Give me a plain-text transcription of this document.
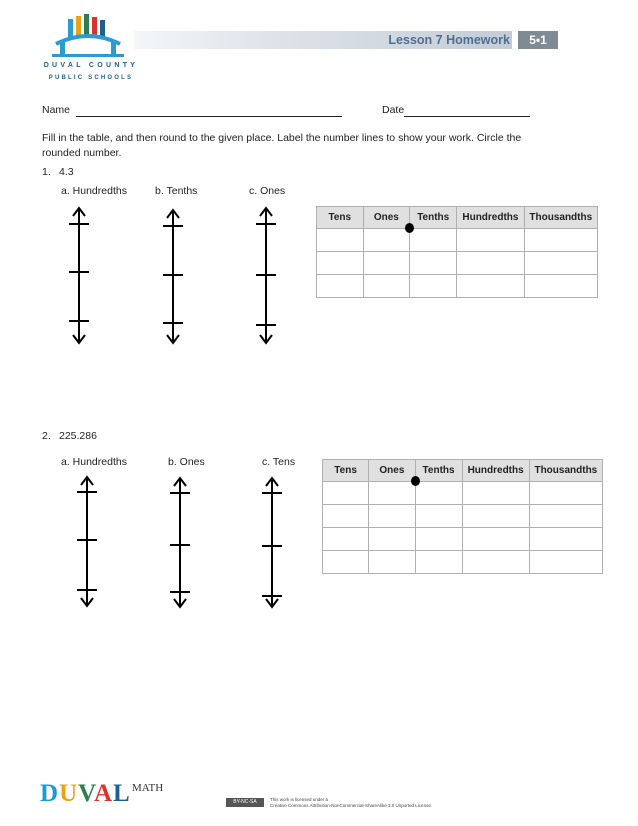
DUVAL COUNTY
PUBLIC SCHOOLS
Lesson 7 Homework	5•1
Name	Date
Fill in the table, and then round to the given place. Label the number lines to show your work. Circle the rounded number.
1. 4.3
a. Hundredths	b. Tenths	c. Ones
Tens	Ones	Tenths	Hundredths	Thousandths

2. 225.286
a. Hundredths	b. Ones	c. Tens
Tens	Ones	Tenths	Hundredths	Thousandths

DUVAL MATH
BY-NC-SA	This work is licensed under a
Creative Commons Attribution-NonCommercial-ShareAlike 3.0 Unported License.
